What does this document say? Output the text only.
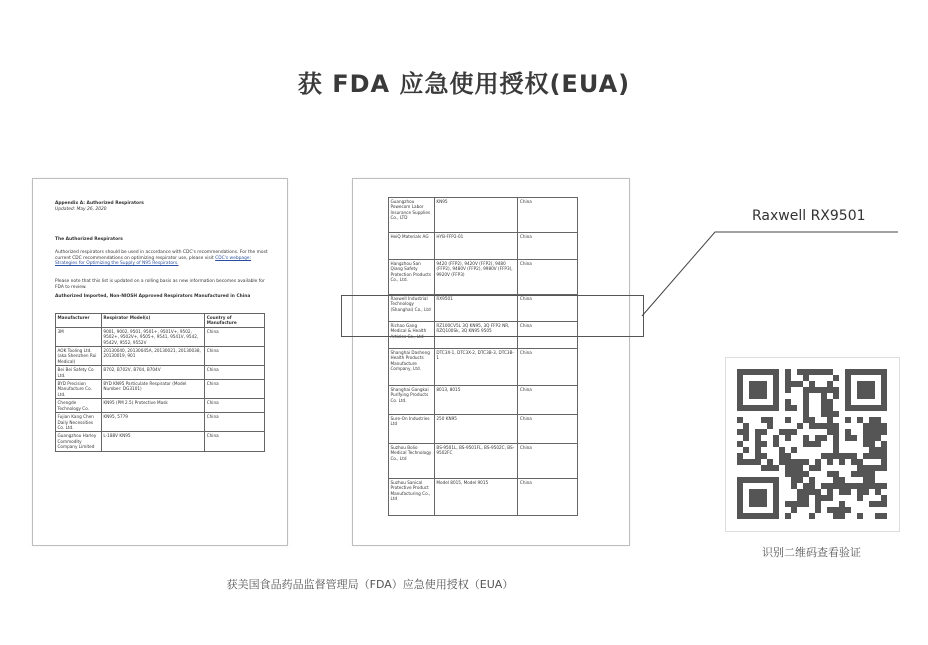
获 FDA 应急使用授权(EUA)
Appendix A: Authorized Respirators
Updated: May 26, 2020
The Authorized Respirators
Authorized respirators should be used in accordance with CDC's recommendations. For the most current CDC recommendations on optimizing respirator use, please visit CDC's webpage: Strategies for Optimizing the Supply of N95 Respirators.
Please note that this list is updated on a rolling basis as new information becomes available for FDA to review.
Authorized Imported, Non-NIOSH Approved Respirators Manufactured in China
Manufacturer	Respirator Model(s)	Country of Manufacture
3M	9001, 9002, 9501, 9501+, 9501V+, 9502, 9502+, 9502V+, 9505+, 9541, 9541V, 9542, 9542V, 9552, 9552V	China
AOK Tooling Ltd. (aka Shenzhen Rui Medical)	20130040, 20130045A, 20130021, 20130038, 20130019, 901	China
Bei Bei Safety Co Ltd.	B702, B702V, B704, B704V	China
BYD Precision Manufacture Co. Ltd.	BYD KN95 Particulate Respirator (Model Number: DG3101)	China
Chengde Technology Co.	KN95 (PM 2.5) Protective Mask	China
Fujian Kang Chen Daily Necessities Co. Ltd.	KN95, 5779	China
Guangzhou Harley Commodity Company Limited	L-188V KN95	China
Guangzhou Powecom Labor Insurance Supplies Co., LTD	KN95	China
HeiQ Materials AG	HYB-FFP2-01	China
Hangzhou San Qiang Safety Protection Products Co., Ltd.	9420 (FFP2), 9420V (FFP2), 9480 (FFP2), 9480V (FFP2), 9980V (FFP3), 9920V (FFP3)	China
Raxwell Industrial Technology (Shanghai) Co., Ltd	RX9501	China
Richao Gang Medical & Health Articles Co., Ltd	RZ100CV5L 3Q KN95, 3Q FFP2 NR, RZQ100Sk, 3Q KN95 9505	China
Shanghai Dasheng Health Products Manufacture Company, Ltd.	DTC3X-1, DTC3X-2, DTC3B-3, DTC3B-1	China
Shanghai Gangkai Purifying Products Co. Ltd.	8013, 8015	China
Sure-On Industries Ltd	250 KN95	China
Suzhou Bolio Medical Technology Co., Ltd	BS-9501L, BS-9501FL, BS-9502C, BS-9502FC	China
Suzhou Sanical Protective Product Manufacturing Co., Ltd	Model 8015, Model 9015	China
Raxwell RX9501
识别二维码查看验证
获美国食品药品监督管理局（FDA）应急使用授权（EUA）
